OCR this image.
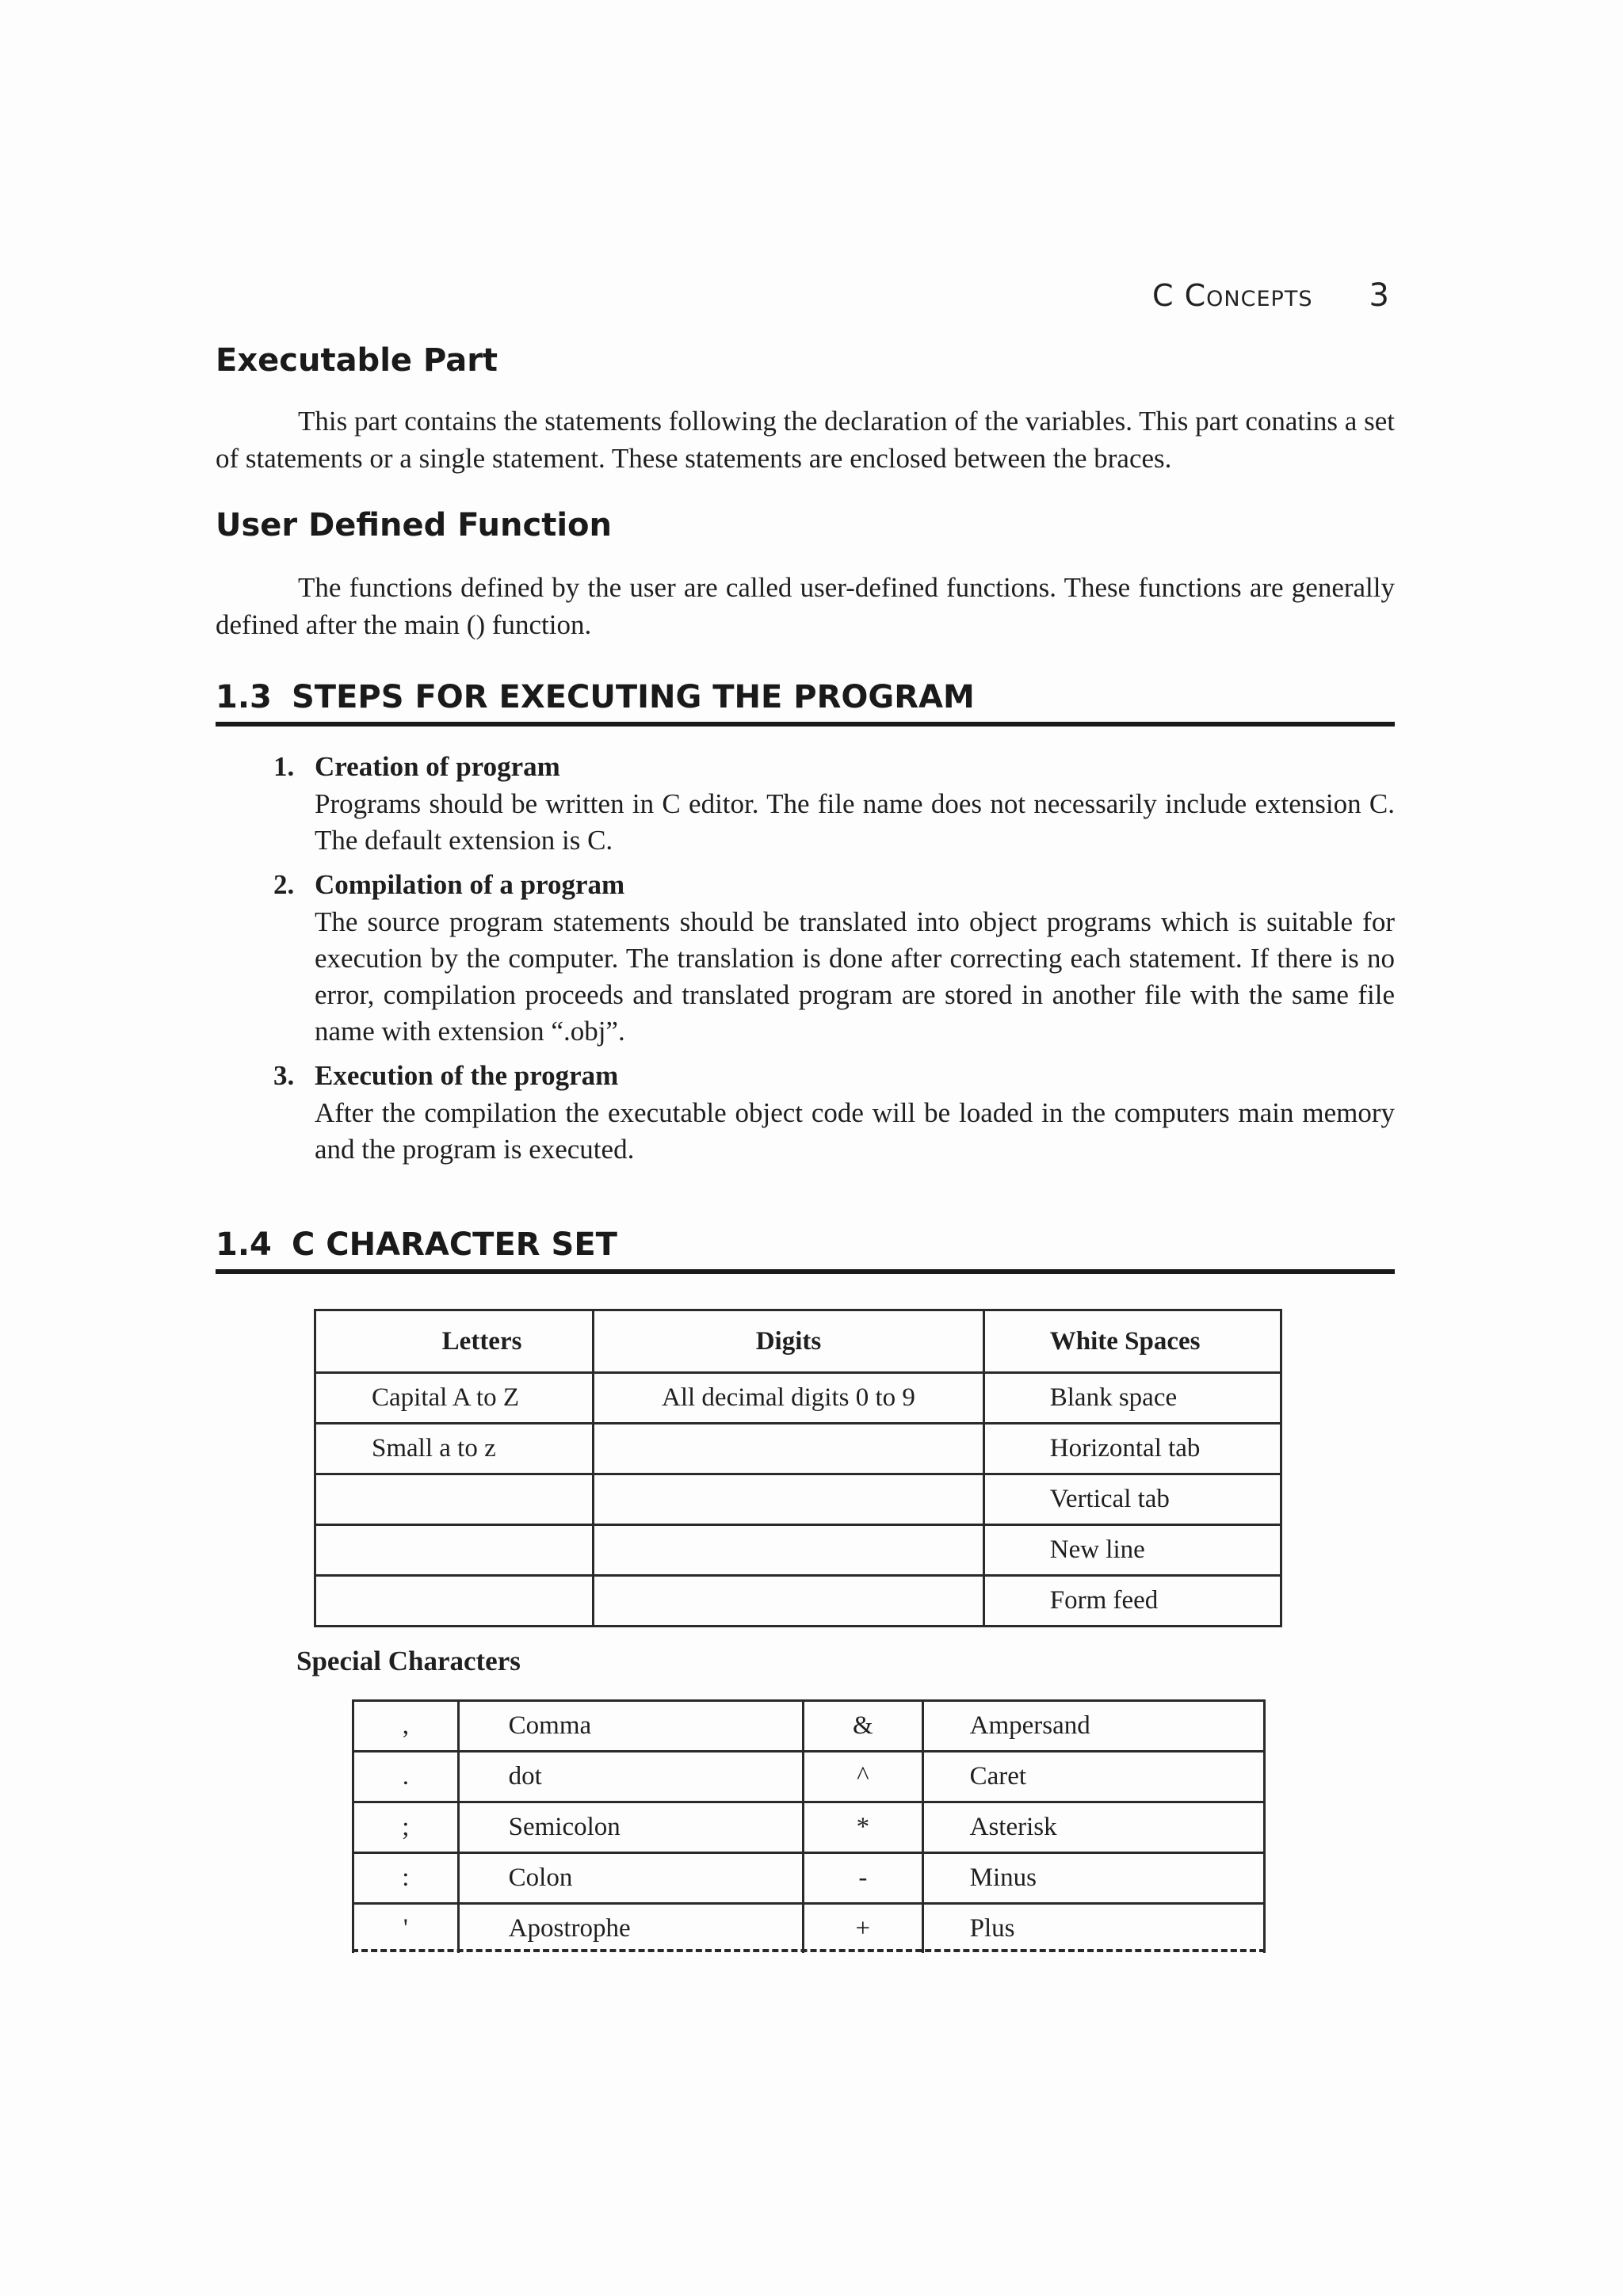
C Concepts 3
Executable Part

This part contains the statements following the declaration of the variables. This part conatins a set of statements or a single statement. These statements are enclosed between the braces.

User Defined Function

The functions defined by the user are called user-defined functions. These functions are generally defined after the main () function.

1.3 STEPS FOR EXECUTING THE PROGRAM
1. Creation of program
Programs should be written in C editor. The file name does not necessarily include extension C. The default extension is C.
2. Compilation of a program
The source program statements should be translated into object programs which is suitable for execution by the computer. The translation is done after correcting each statement. If there is no error, compilation proceeds and translated program are stored in another file with the same file name with extension “.obj”.
3. Execution of the program
After the compilation the executable object code will be loaded in the computers main memory and the program is executed.
1.4 C CHARACTER SET
Letters	Digits	White Spaces
Capital A to Z	All decimal digits 0 to 9	Blank space
Small a to z		Horizontal tab
		Vertical tab
		New line
		Form feed

Special Characters

,	Comma	&	Ampersand
.	dot	^	Caret
;	Semicolon	*	Asterisk
:	Colon	-	Minus
'	Apostrophe	+	Plus
